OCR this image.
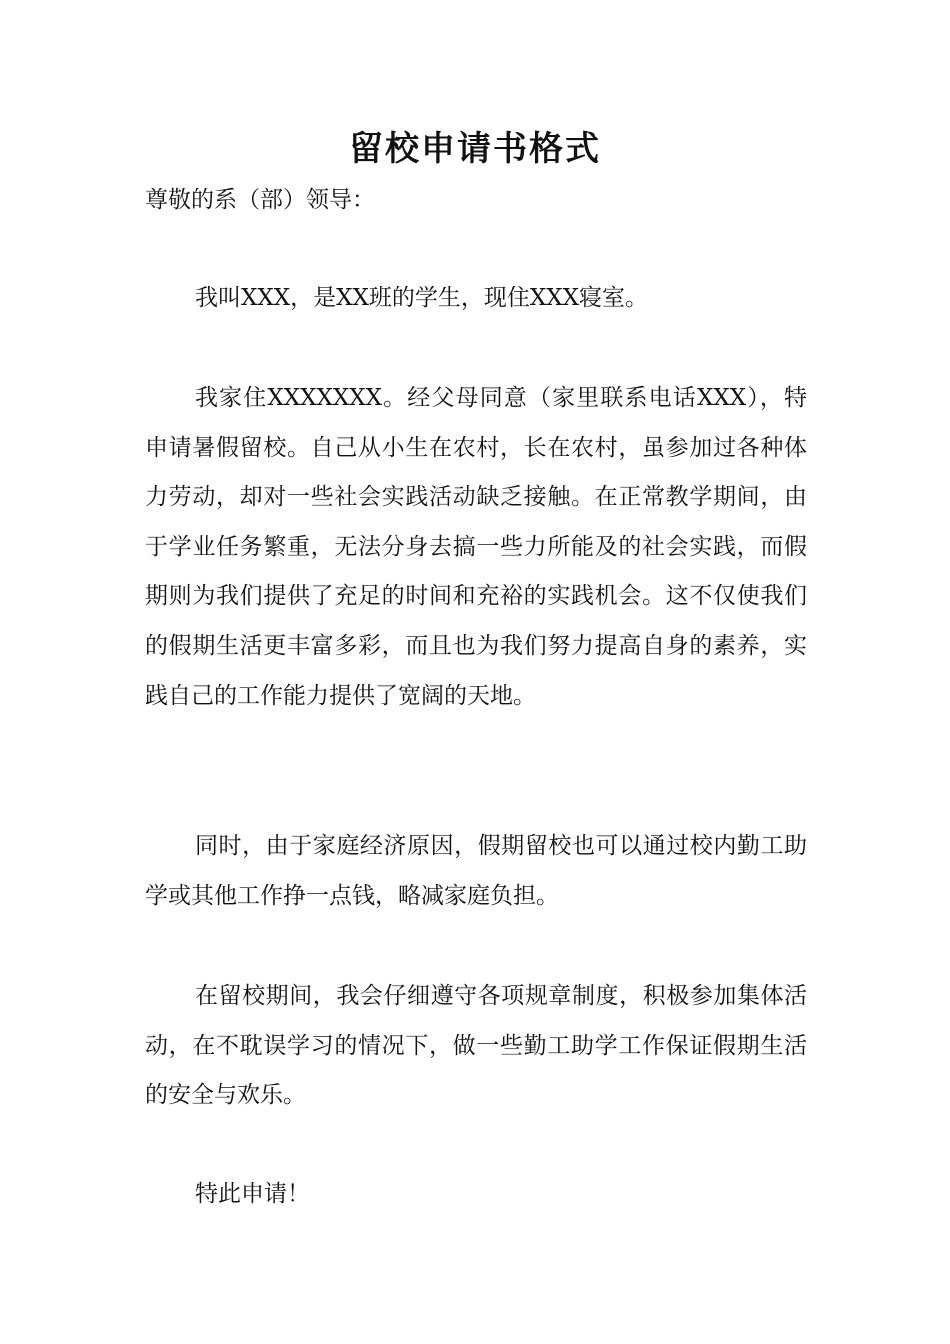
留校申请书格式
尊敬的系（部）领导：
我叫XXX，是XX班的学生，现住XXX寝室。
我家住XXXXXXX。经父母同意（家里联系电话XXX），特申请暑假留校。自己从小生在农村，长在农村，虽参加过各种体力劳动，却对一些社会实践活动缺乏接触。在正常教学期间，由于学业任务繁重，无法分身去搞一些力所能及的社会实践，而假期则为我们提供了充足的时间和充裕的实践机会。这不仅使我们的假期生活更丰富多彩，而且也为我们努力提高自身的素养，实践自己的工作能力提供了宽阔的天地。
同时，由于家庭经济原因，假期留校也可以通过校内勤工助学或其他工作挣一点钱，略减家庭负担。
在留校期间，我会仔细遵守各项规章制度，积极参加集体活动，在不耽误学习的情况下，做一些勤工助学工作保证假期生活的安全与欢乐。
特此申请！
